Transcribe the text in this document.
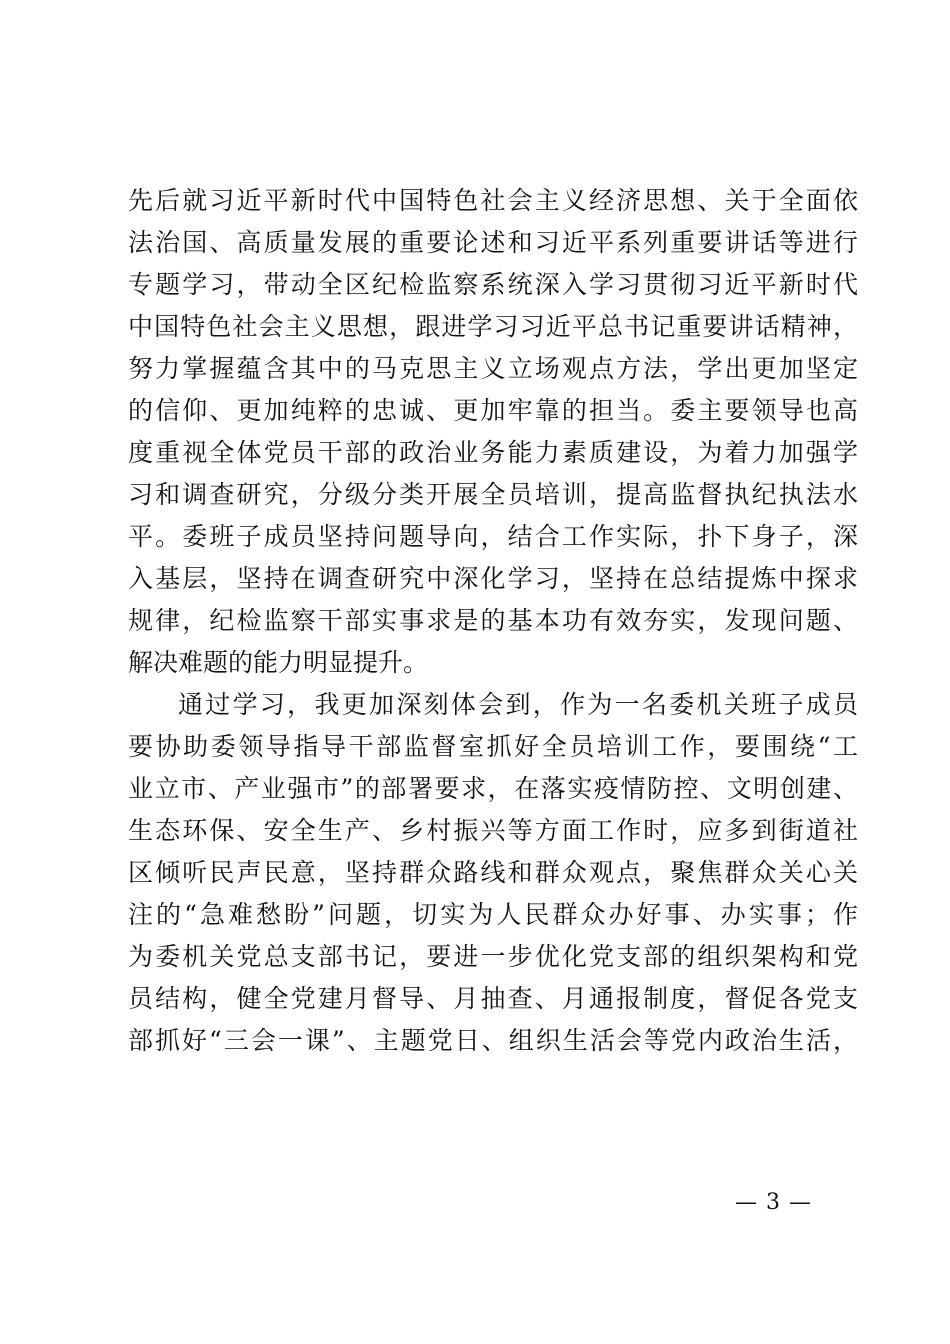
先后就习近平新时代中国特色社会主义经济思想、关于全面依
法治国、高质量发展的重要论述和习近平系列重要讲话等进行
专题学习，带动全区纪检监察系统深入学习贯彻习近平新时代
中国特色社会主义思想，跟进学习习近平总书记重要讲话精神，
努力掌握蕴含其中的马克思主义立场观点方法，学出更加坚定
的信仰、更加纯粹的忠诚、更加牢靠的担当。委主要领导也高
度重视全体党员干部的政治业务能力素质建设，为着力加强学
习和调查研究，分级分类开展全员培训，提高监督执纪执法水
平。委班子成员坚持问题导向，结合工作实际，扑下身子，深
入基层，坚持在调查研究中深化学习，坚持在总结提炼中探求
规律，纪检监察干部实事求是的基本功有效夯实，发现问题、
解决难题的能力明显提升。
通过学习，我更加深刻体会到，作为一名委机关班子成员
要协助委领导指导干部监督室抓好全员培训工作，要围绕“工
业立市、产业强市”的部署要求，在落实疫情防控、文明创建、
生态环保、安全生产、乡村振兴等方面工作时，应多到街道社
区倾听民声民意，坚持群众路线和群众观点，聚焦群众关心关
注的“急难愁盼”问题，切实为人民群众办好事、办实事；作
为委机关党总支部书记，要进一步优化党支部的组织架构和党
员结构，健全党建月督导、月抽查、月通报制度，督促各党支
部抓好“三会一课”、主题党日、组织生活会等党内政治生活，
— 3 —
